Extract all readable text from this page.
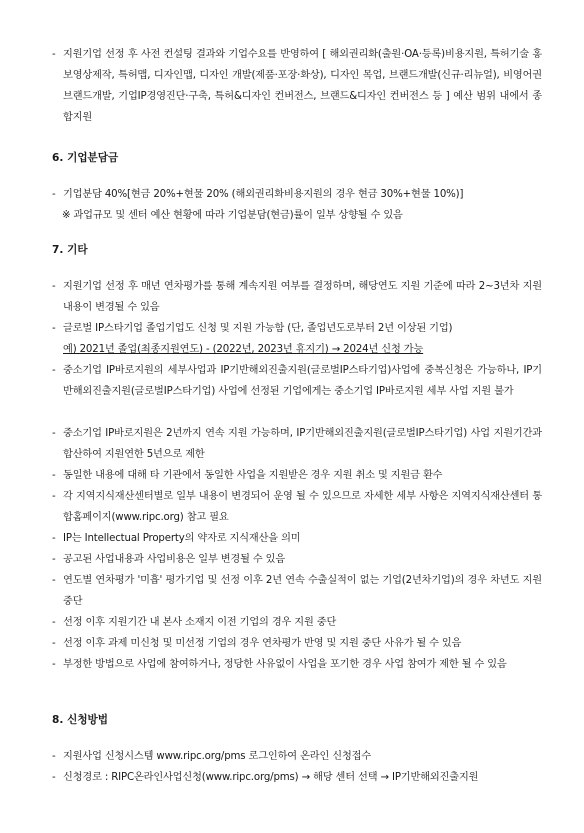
- 지원기업 선정 후 사전 컨설팅 결과와 기업수요를 반영하여 [ 해외권리화(출원·OA·등록)비용지원, 특허기술 홍보영상제작, 특허맵, 디자인맵, 디자인 개발(제품·포장·화상), 디자인 목업, 브랜드개발(신규·리뉴얼), 비영어권브랜드개발, 기업IP경영진단·구축, 특허&디자인 컨버전스, 브랜드&디자인 컨버전스 등 ] 예산 범위 내에서 종합지원
6. 기업분담금
- 기업분담 40%[현금 20%+현물 20% (해외권리화비용지원의 경우 현금 30%+현물 10%)]
※ 과업규모 및 센터 예산 현황에 따라 기업분담(현금)률이 일부 상향될 수 있음
7. 기타
- 지원기업 선정 후 매년 연차평가를 통해 계속지원 여부를 결정하며, 해당연도 지원 기준에 따라 2~3년차 지원내용이 변경될 수 있음
- 글로벌 IP스타기업 졸업기업도 신청 및 지원 가능함 (단, 졸업년도로부터 2년 이상된 기업)
예) 2021년 졸업(최종지원연도) - (2022년, 2023년 휴지기) → 2024년 신청 가능
- 중소기업 IP바로지원의 세부사업과 IP기반해외진출지원(글로벌IP스타기업)사업에 중복신청은 가능하나, IP기반해외진출지원(글로벌IP스타기업) 사업에 선정된 기업에게는 중소기업 IP바로지원 세부 사업 지원 불가
- 중소기업 IP바로지원은 2년까지 연속 지원 가능하며, IP기반해외진출지원(글로벌IP스타기업) 사업 지원기간과 합산하여 지원연한 5년으로 제한
- 동일한 내용에 대해 타 기관에서 동일한 사업을 지원받은 경우 지원 취소 및 지원금 환수
- 각 지역지식재산센터별로 일부 내용이 변경되어 운영 될 수 있으므로 자세한 세부 사항은 지역지식재산센터 통합홈페이지(www.ripc.org) 참고 필요
- IP는 Intellectual Property의 약자로 지식재산을 의미
- 공고된 사업내용과 사업비용은 일부 변경될 수 있음
- 연도별 연차평가 '미흡' 평가기업 및 선정 이후 2년 연속 수출실적이 없는 기업(2년차기업)의 경우 차년도 지원중단
- 선정 이후 지원기간 내 본사 소재지 이전 기업의 경우 지원 중단
- 선정 이후 과제 미신청 및 미선정 기업의 경우 연차평가 반영 및 지원 중단 사유가 될 수 있음
- 부정한 방법으로 사업에 참여하거나, 정당한 사유없이 사업을 포기한 경우 사업 참여가 제한 될 수 있음
8. 신청방법
- 지원사업 신청시스템 www.ripc.org/pms 로그인하여 온라인 신청접수
- 신청경로 : RIPC온라인사업신청(www.ripc.org/pms) → 해당 센터 선택 → IP기반해외진출지원
